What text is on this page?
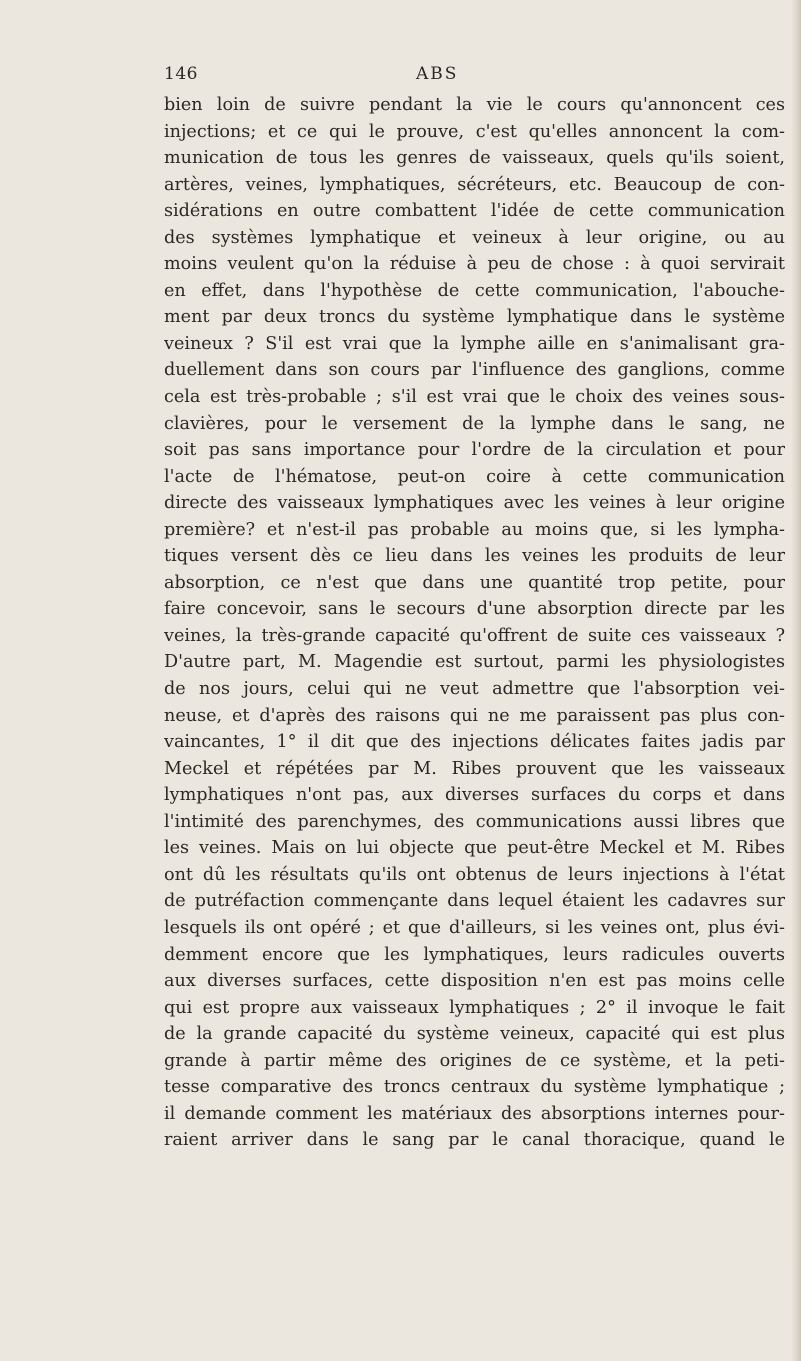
146	ABS
bien loin de suivre pendant la vie le cours qu'annoncent ces
injections; et ce qui le prouve, c'est qu'elles annoncent la com-
munication de tous les genres de vaisseaux, quels qu'ils soient,
artères, veines, lymphatiques, sécréteurs, etc. Beaucoup de con-
sidérations en outre combattent l'idée de cette communication
des systèmes lymphatique et veineux à leur origine, ou au
moins veulent qu'on la réduise à peu de chose : à quoi servirait
en effet, dans l'hypothèse de cette communication, l'abouche-
ment par deux troncs du système lymphatique dans le système
veineux ? S'il est vrai que la lymphe aille en s'animalisant gra-
duellement dans son cours par l'influence des ganglions, comme
cela est très-probable ; s'il est vrai que le choix des veines sous-
clavières, pour le versement de la lymphe dans le sang, ne
soit pas sans importance pour l'ordre de la circulation et pour
l'acte de l'hématose, peut-on coire à cette communication
directe des vaisseaux lymphatiques avec les veines à leur origine
première? et n'est-il pas probable au moins que, si les lympha-
tiques versent dès ce lieu dans les veines les produits de leur
absorption, ce n'est que dans une quantité trop petite, pour
faire concevoir, sans le secours d'une absorption directe par les
veines, la très-grande capacité qu'offrent de suite ces vaisseaux ?
D'autre part, M. Magendie est surtout, parmi les physiologistes
de nos jours, celui qui ne veut admettre que l'absorption vei-
neuse, et d'après des raisons qui ne me paraissent pas plus con-
vaincantes, 1° il dit que des injections délicates faites jadis par
Meckel et répétées par M. Ribes prouvent que les vaisseaux
lymphatiques n'ont pas, aux diverses surfaces du corps et dans
l'intimité des parenchymes, des communications aussi libres que
les veines. Mais on lui objecte que peut-être Meckel et M. Ribes
ont dû les résultats qu'ils ont obtenus de leurs injections à l'état
de putréfaction commençante dans lequel étaient les cadavres sur
lesquels ils ont opéré ; et que d'ailleurs, si les veines ont, plus évi-
demment encore que les lymphatiques, leurs radicules ouverts
aux diverses surfaces, cette disposition n'en est pas moins celle
qui est propre aux vaisseaux lymphatiques ; 2° il invoque le fait
de la grande capacité du système veineux, capacité qui est plus
grande à partir même des origines de ce système, et la peti-
tesse comparative des troncs centraux du système lymphatique ;
il demande comment les matériaux des absorptions internes pour-
raient arriver dans le sang par le canal thoracique, quand le
